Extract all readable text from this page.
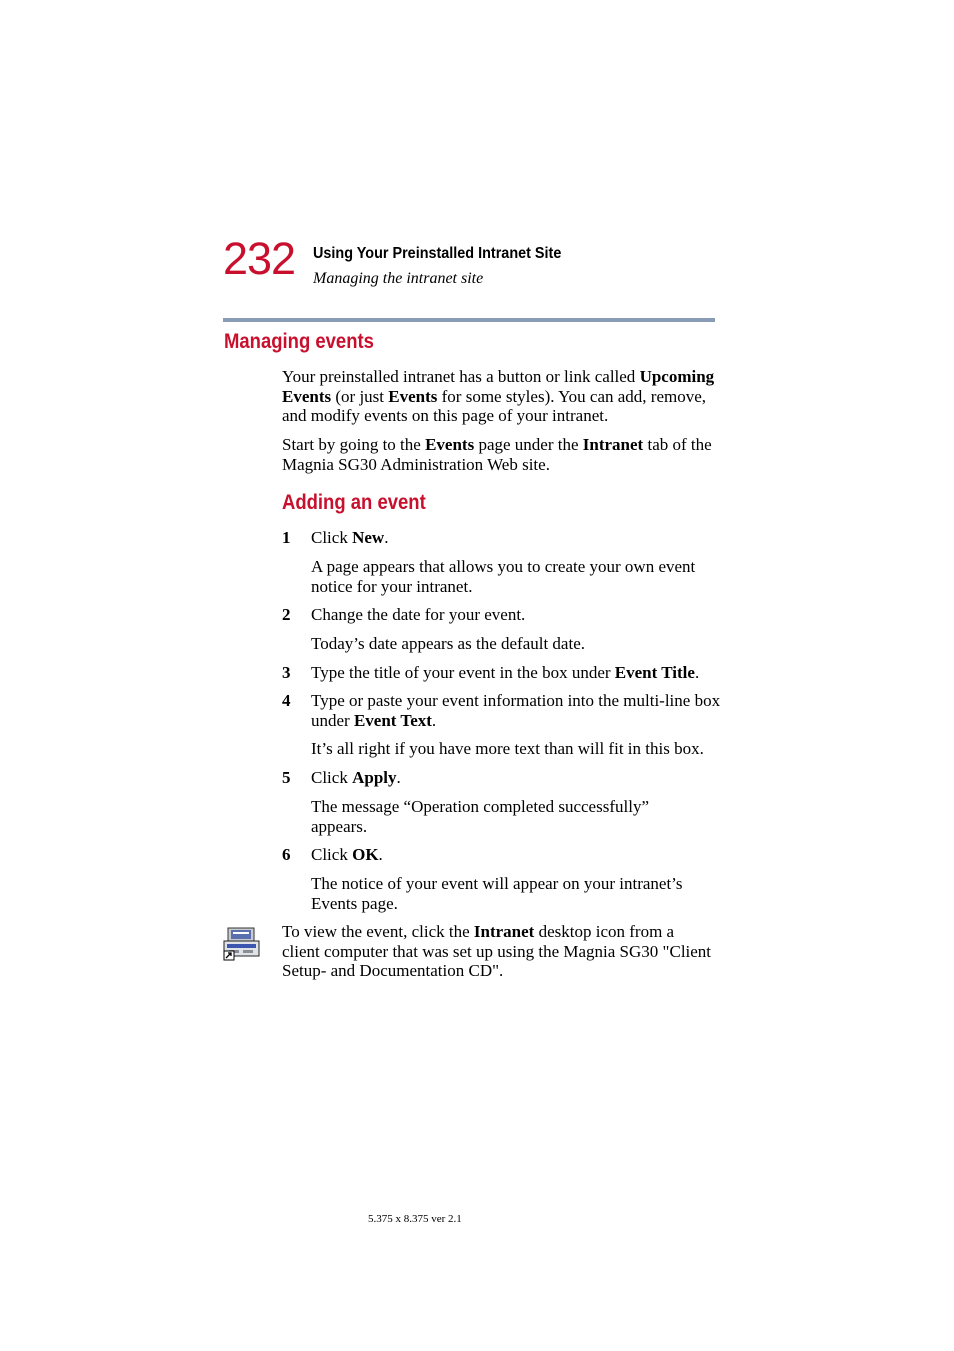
232 Using Your Preinstalled Intranet Site
Managing the intranet site
Managing events
Your preinstalled intranet has a button or link called Upcoming Events (or just Events for some styles). You can add, remove, and modify events on this page of your intranet.
Start by going to the Events page under the Intranet tab of the Magnia SG30 Administration Web site.
Adding an event
1 Click New.
A page appears that allows you to create your own event notice for your intranet.
2 Change the date for your event.
Today’s date appears as the default date.
3 Type the title of your event in the box under Event Title.
4 Type or paste your event information into the multi-line box under Event Text.
It’s all right if you have more text than will fit in this box.
5 Click Apply.
The message “Operation completed successfully” appears.
6 Click OK.
The notice of your event will appear on your intranet’s Events page.
To view the event, click the Intranet desktop icon from a client computer that was set up using the Magnia SG30 "Client Setup- and Documentation CD".
5.375 x 8.375 ver 2.1
